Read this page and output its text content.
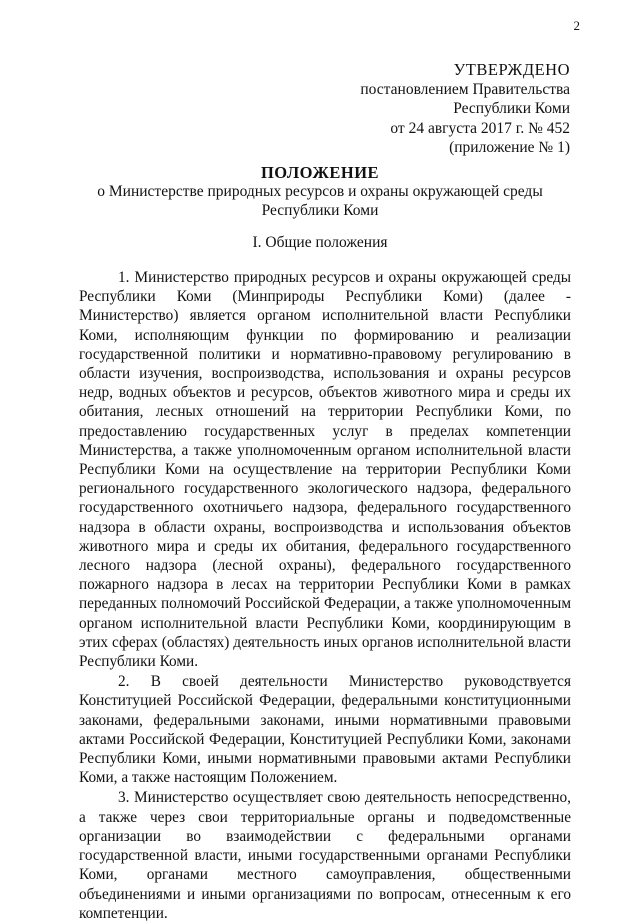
2
УТВЕРЖДЕНО
постановлением Правительства Республики Коми
от 24 августа 2017 г. № 452
(приложение № 1)
ПОЛОЖЕНИЕ
о Министерстве природных ресурсов и охраны окружающей среды
Республики Коми
I. Общие положения

1. Министерство природных ресурсов и охраны окружающей среды Республики Коми (Минприроды Республики Коми) (далее - Министерство) является органом исполнительной власти Республики Коми, исполняющим функции по формированию и реализации государственной политики и нормативно-правовому регулированию в области изучения, воспроизводства, использования и охраны ресурсов недр, водных объектов и ресурсов, объектов животного мира и среды их обитания, лесных отношений на территории Республики Коми, по предоставлению государственных услуг в пределах компетенции Министерства, а также уполномоченным органом исполнительной власти Республики Коми на осуществление на территории Республики Коми регионального государственного экологического надзора, федерального государственного охотничьего надзора, федерального государственного надзора в области охраны, воспроизводства и использования объектов животного мира и среды их обитания, федерального государственного лесного надзора (лесной охраны), федерального государственного пожарного надзора в лесах на территории Республики Коми в рамках переданных полномочий Российской Федерации, а также уполномоченным органом исполнительной власти Республики Коми, координирующим в этих сферах (областях) деятельность иных органов исполнительной власти Республики Коми.

2. В своей деятельности Министерство руководствуется Конституцией Российской Федерации, федеральными конституционными законами, федеральными законами, иными нормативными правовыми актами Российской Федерации, Конституцией Республики Коми, законами Республики Коми, иными нормативными правовыми актами Республики Коми, а также настоящим Положением.

3. Министерство осуществляет свою деятельность непосредственно, а также через свои территориальные органы и подведомственные организации во взаимодействии с федеральными органами государственной власти, иными государственными органами Республики Коми, органами местного самоуправления, общественными объединениями и иными организациями по вопросам, отнесенным к его компетенции.
